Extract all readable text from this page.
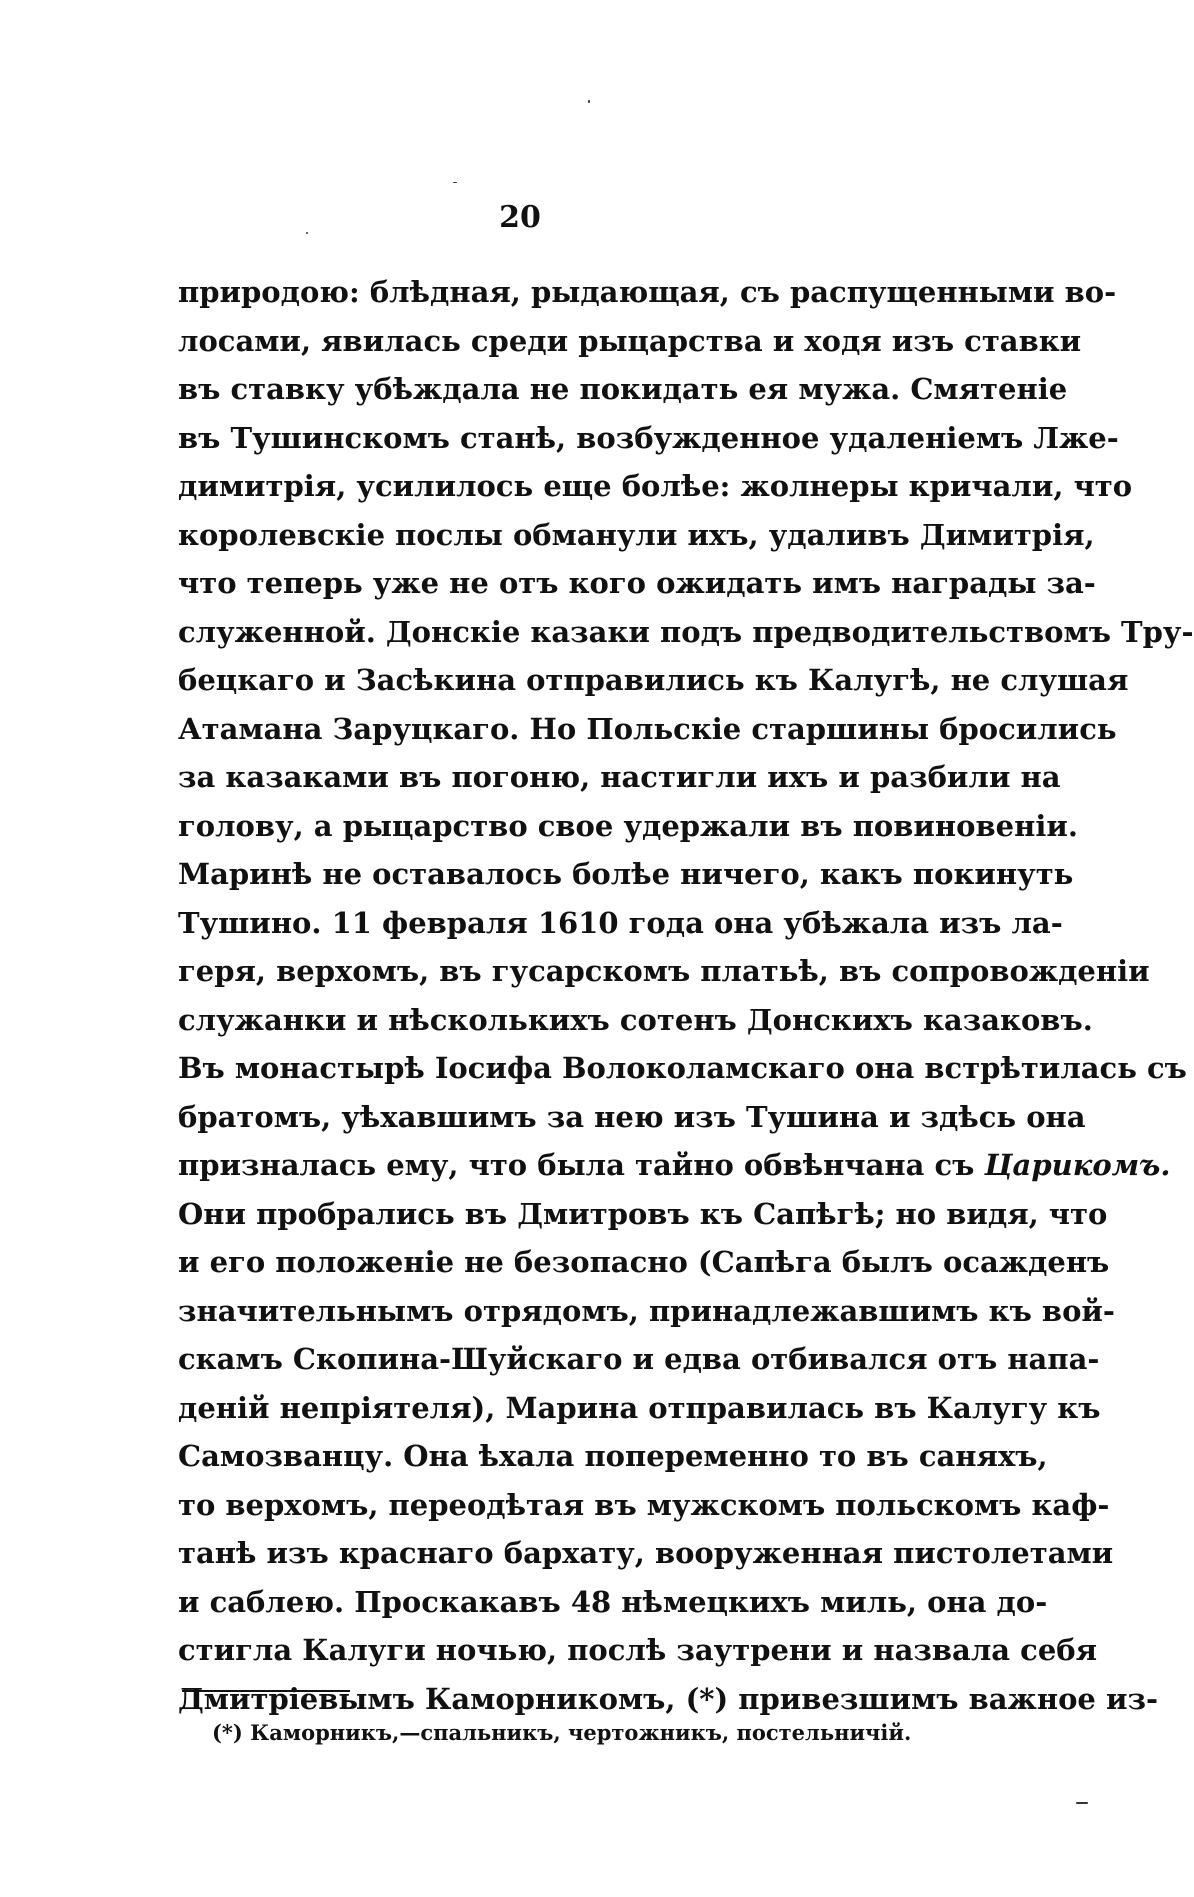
20
природою: блѣдная, рыдающая, съ распущенными во-
лосами, явилась среди рыцарства и ходя изъ ставки
въ ставку убѣждала не покидать ея мужа. Смятеніе
въ Тушинскомъ станѣ, возбужденное удаленіемъ Лже-
димитрія, усилилось еще болѣе: жолнеры кричали, что
королевскіе послы обманули ихъ, удаливъ Димитрія,
что теперь уже не отъ кого ожидать имъ награды за-
служенной. Донскіе казаки подъ предводительствомъ Тру-
бецкаго и Засѣкина отправились къ Калугѣ, не слушая
Атамана Заруцкаго. Но Польскіе старшины бросились
за казаками въ погоню, настигли ихъ и разбили на
голову, а рыцарство свое удержали въ повиновеніи.
Маринѣ не оставалось болѣе ничего, какъ покинуть
Тушино. 11 февраля 1610 года она убѣжала изъ ла-
геря, верхомъ, въ гусарскомъ платьѣ, въ сопровожденіи
служанки и нѣсколькихъ сотенъ Донскихъ казаковъ.
Въ монастырѣ Іосифа Волоколамскаго она встрѣтилась съ
братомъ, уѣхавшимъ за нею изъ Тушина и здѣсь она
призналась ему, что была тайно обвѣнчана съ Царикомъ.
Они пробрались въ Дмитровъ къ Сапѣгѣ; но видя, что
и его положеніе не безопасно (Сапѣга былъ осажденъ
значительнымъ отрядомъ, принадлежавшимъ къ вой-
скамъ Скопина-Шуйскаго и едва отбивался отъ напа-
деній непріятеля), Марина отправилась въ Калугу къ
Самозванцу. Она ѣхала попеременно то въ саняхъ,
то верхомъ, переодѣтая въ мужскомъ польскомъ каф-
танѣ изъ краснаго бархату, вооруженная пистолетами
и саблею. Проскакавъ 48 нѣмецкихъ миль, она до-
стигла Калуги ночью, послѣ заутрени и назвала себя
Дмитріевымъ Каморникомъ, (*) привезшимъ важное из-
(*) Каморникъ,—спальникъ, чертожникъ, постельничій.
